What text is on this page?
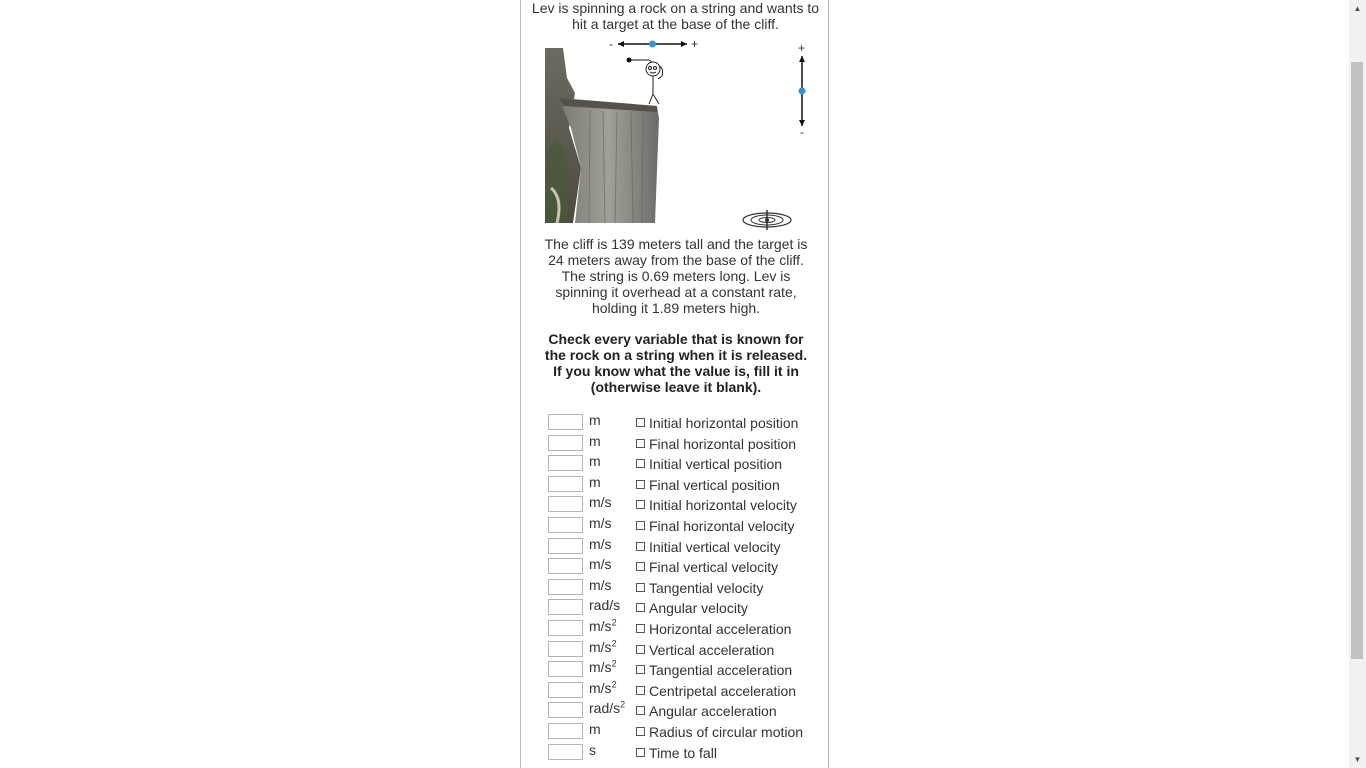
Lev is spinning a rock on a string and wants to
hit a target at the base of the cliff.
-	+	+
-
The cliff is 139 meters tall and the target is
24 meters away from the base of the cliff.
The string is 0.69 meters long. Lev is
spinning it overhead at a constant rate,
holding it 1.89 meters high.
Check every variable that is known for
the rock on a string when it is released.
If you know what the value is, fill it in
(otherwise leave it blank).
m	Initial horizontal position
m	Final horizontal position
m	Initial vertical position
m	Final vertical position
m/s	Initial horizontal velocity
m/s	Final horizontal velocity
m/s	Initial vertical velocity
m/s	Final vertical velocity
m/s	Tangential velocity
rad/s	Angular velocity
$m/s^2$	Horizontal acceleration
$m/s^2$	Vertical acceleration
$m/s^2$	Tangential acceleration
$m/s^2$	Centripetal acceleration
rad/$s^2$	Angular acceleration
m	Radius of circular motion
s	Time to fall
▲
▼
